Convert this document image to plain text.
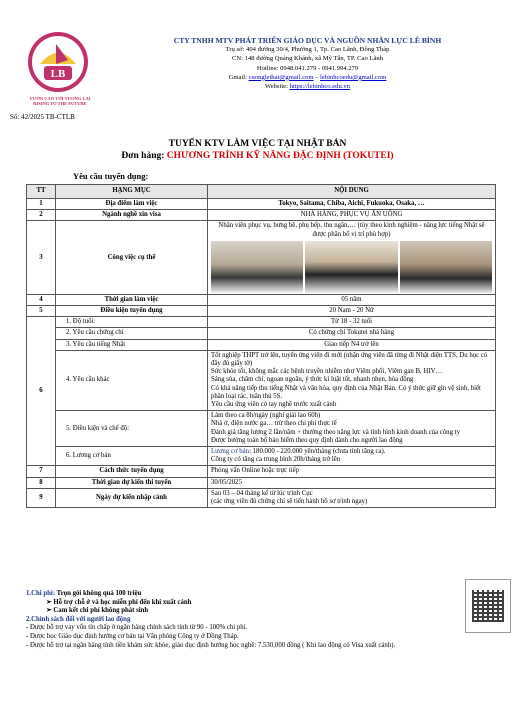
LB
VƯƠN CAO TỚI TƯƠNG LAI
RISING TO THE FUTURE
Số: 42/2025 TB-CTLB
CTY TNHH MTV PHÁT TRIỂN GIÁO DỤC VÀ NGUỒN NHÂN LỰC LÊ BÌNH
Trụ sở: 404 đường 30/4, Phường 1, Tp. Cao Lãnh, Đồng Tháp
CN: 148 đường Quảng Khánh, xã Mỹ Tân, TP. Cao Lãnh
Hotline: 0948.041.279 - 0941.994.279
Gmail: cuonglethai@gmail.com – lebinhcoedu@gmail.com
Website: https://lebinhco.edu.vn
TUYỂN KTV LÀM VIỆC TẠI NHẬT BẢN
Đơn hàng: CHƯƠNG TRÌNH KỸ NĂNG ĐẶC ĐỊNH (TOKUTEI)
Yêu cầu tuyển dụng:
TT	HẠNG MỤC	NỘI DUNG
1	Địa điểm làm việc	Tokyo, Saitama, Chiba, Aichi, Fukuoka, Osaka, …
2	Ngành nghề xin visa	NHÀ HÀNG, PHỤC VỤ ĂN UỐNG
3	Công việc cụ thể	Nhân viên phục vụ, bưng bê, phụ bếp, thu ngân,… (tùy theo kinh nghiệm - năng lực tiếng Nhật sẽ được phân bổ vị trí phù hợp)

4	Thời gian làm việc	05 năm
5	Điều kiện tuyển dụng	20 Nam - 20 Nữ
6	1. Độ tuổi:	Từ 18 - 32 tuổi
	2. Yêu cầu chứng chỉ	Có chứng chỉ Tokutei nhà hàng
	3. Yêu cầu tiếng Nhật	Giao tiếp N4 trở lên
	4. Yêu cầu khác	Tốt nghiệp THPT trở lên, tuyển ứng viên đi mới (nhận ứng viên đã từng đi Nhật diện TTS, Du học có đầy đủ giấy tờ)
Sức khỏe tốt, không mắc các bệnh truyền nhiễm như Viêm phổi, Viêm gan B, HIV…
Sáng sủa, chăm chỉ, ngoan ngoãn, ý thức kỉ luật tốt, nhanh nhẹn, hòa đồng
Có khả năng tiếp thu tiếng Nhật và văn hóa, quy định của Nhật Bản. Có ý thức giữ gìn vệ sinh, biết phân loại rác, tuân thủ 5S.
Yêu cầu ứng viên có tay nghề trước xuất cảnh

	5. Điều kiện và chế độ:	Làm theo ca 8h/ngày (nghỉ giải lao 60h)
Nhà ở, điện nước ga… trừ theo chi phí thực tế
Đánh giá tăng lương 2 lần/năm + thưởng theo năng lực và tình hình kinh doanh của công ty
Được hưởng toàn bộ bảo hiểm theo quy định dành cho người lao động

	6. Lương cơ bản	Lương cơ bản: 180.000 - 220.000 yên/tháng (chưa tính tăng ca).
Công ty có tăng ca trung bình 20h/tháng trở lên

7	Cách thức tuyển dụng	Phỏng vấn Online hoặc trực tiếp
8	Thời gian dự kiến thi tuyển	30/05/2025
9	Ngày dự kiến nhập cảnh	Sau 03 – 04 tháng kể từ lúc trình Cục
(các ứng viên đủ chứng chỉ sẽ tiến hành hồ sơ trình ngay)
1.Chi phí: Trọn gói không quá 100 triệu
➢ Hỗ trợ chỗ ở và học miễn phí đến khi xuất cảnh
➢ Cam kết chi phí không phát sinh
2.Chính sách đối với người lao động
- Được hỗ trợ vay vốn tín chấp ở ngân hàng chính sách tính từ 90 - 100% chi phí.
- Được học Giáo dục định hướng cơ bản tại Văn phòng Công ty ở Đồng Tháp.
- Được hỗ trợ tại ngân hàng tính tiền khám sức khỏe, giáo dục định hướng học nghề: 7.530.000 đồng ( Khi lao động có Visa xuất cảnh).
